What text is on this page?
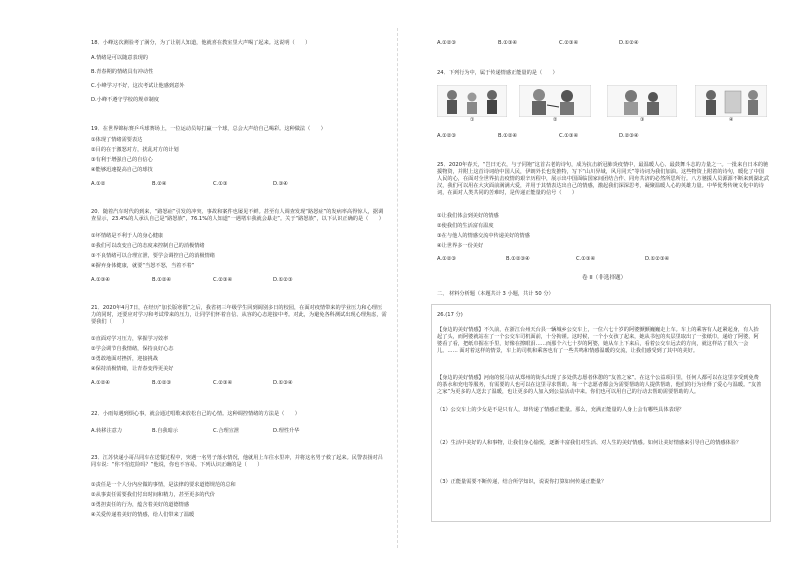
18．小峰这次测验考了满分，为了让别人知道，他就喜在教室里大声喝了起来。这说明（　　）
A.情绪是可以随意表现的
B.青春期的情绪具有冲动性
C.小峰学习不好，这次考试让他感到意外
D.小峰不遵守学校的规章制度
19．在世界锦标赛乒乓球赛场上，一位运动员每打赢一个球，总会大声给自己喝彩。这种做法（　　）
①体现了情绪需要表达
②目的在于激怒对方，扰乱对方的计划
③有利于增强自己的自信心
④能够迅速提高自己的球技
A.①②	B.②④	C.①③	D.③④
20．随着汽车时代的到来，“路怒症”引发的冲突、事故和案件也屡见不鲜。甚至有人调查发现“路怒症”的发病率高得惊人，据调查显示，23.4%的人承认自己是“路怒族”，76.1%的人知道“一遇堵车我就会暴走”。关于“路怒族”，以下认识正确的是（　　）
①坏情绪是不利于人的身心健康
②我们可以改变自己的态度来控制自己的消极情绪
③不良情绪可以合理宣泄，要学会调控自己的消极情绪
④摒弃身体健康，就要“当怒不怒，当着不着”
A.①③④	B.①②④	C.②③④	D.①②③
21．2020年4月7日，在经历“加长版寒假”之后，我省初三年级学生回到阔别多日的校园，在面对疫情带来的学业压力和心理压力的同时，还要应对学习和考试带来的压力，让同学们怀着自信、从容的心态迎接中考。对此，为避免各科测试出现心理焦虑，需要我们（　　）
①直面对学习压力，掌握学习效率
②学会调节自我情绪，保持良好心态
③勇敢地面对挫折，迎接挑战
④保持消极情绪，让青春变得更美好
A.①②④	B.①②③	C.②③④	D.①③④
22．小雨每遇到烦心事，就会通过唱歌来放松自己的心情。这种调控情绪的方法是（　　）
A.转移注意力	B.自我暗示	C.合理宣泄	D.理性升华
23．江苏快递小哥吕同车在送餐过程中，突遇一名男子落水情况，他就用上车往水里冲，并将这名男子救了起来。民警表扬对吕同车说：“你不怕危险吗？”他说，你也不容易。下列认识正确的是（　　）
①责任是一个人分内应做的事情，是法律的要求道德规范的总和
②从事责任需要我们付出时间和精力，甚至更多的代价
③勇担责任的行为，蕴含着美好的道德情感
④关爱传递着美好的情感，给人们带来了温暖
A.①②③	B.①③④	C.②③④	D.①②④
24．下列行为中，属于传递情感正能量的是（　　）
①	②	③	④
A.①②③	B.①②④	C.①③④	D.②③④
25．2020年春天，“岂曰无衣，与子同袍”这首古老的诗句，成为抗击新冠肺炎疫情中，最温暖人心、最鼓舞斗志的力量之一。一批来自日本的驰援物资，并附上这首诗词给中国人民，伊朗外长也发推特，写下“山川异域，风月同天”等诗词为我们加油。这些物资上附着的诗句，暖化了中国人民的心，在面对全世界抗击疫情的艰辛历程中，展示出中国面临国家间团结合作、同舟共济的必然所思所行。八方驰援人员源源不断来到湖北武汉，我们可以用在大灾面前满满大爱，并用于其情表达出自己的情感，激起我们深深思考，凝聚温暖人心的英雄力量。中华优秀传统文化中的诗词，在面对人类共同的苦难时，是传递正能量的信号（　　）
①让我们体会到美好的情感
②使我们的生活富有温度
③在与他人的情感交流中传递美好的情感
④让世界多一份美好
A.①②③	B.①②③④	C.①③④	D.①②③④
卷 II（非选择题）
二、 材料分析题（本题共计 3 小题，共计 50 分）
26.(17 分)
【身边的美好情感】不久前，在浙江台州天台县一辆城乡公交车上，一位六七十岁的阿婆颤颤巍巍走上车。车上的乘客有人赶紧起身，有人抬起了头，而阿婆就站在了一个公交车司机面前，十分拘谨。这时候，一个小女孩了起来，她从书包的夹层里取出了一张纸巾，递给了阿婆，阿婆看了看，把纸巾握在手里，好像在擦眼泪……而那个六七十岁的阿婆，她从车上下来后，看着公交车远去的方向，就这样站了很久一会儿。…… 面对着这样的情景，车上的司机和乘客也有了一些共鸣和情感温暖的交流，让我们感受到了其中的美好。
【身边的美好情感】河南的悦马店从郑州的街头出现了多处供志愿者休憩的“友善之家”。在这个公益项目里，任何人都可以在这里享受到免费的茶水和充电等服务，有需要的人也可以在这里寻求帮助。每一个志愿者都会为需要帮助的人提供帮助，他们的行为诠释了爱心与温暖。“友善之家”为更多的人送去了温暖，也让更多的人加入到公益活动中来。你们也可以用自己的行动去帮助需要帮助的人。
（1）公交车上的少女是不是只有人，却传递了情感正能量。那么，充满正能量的人身上会有哪些具体表现？
（2）生活中美好的人和事物，让我们身心愉悦，逐渐丰富我们对生活、对人生的美好情感。如何让美好情感来引导自己的情感体验？
（3）正能量需要不断传递，结合所学知识，说说你打算如何传递正能量？
